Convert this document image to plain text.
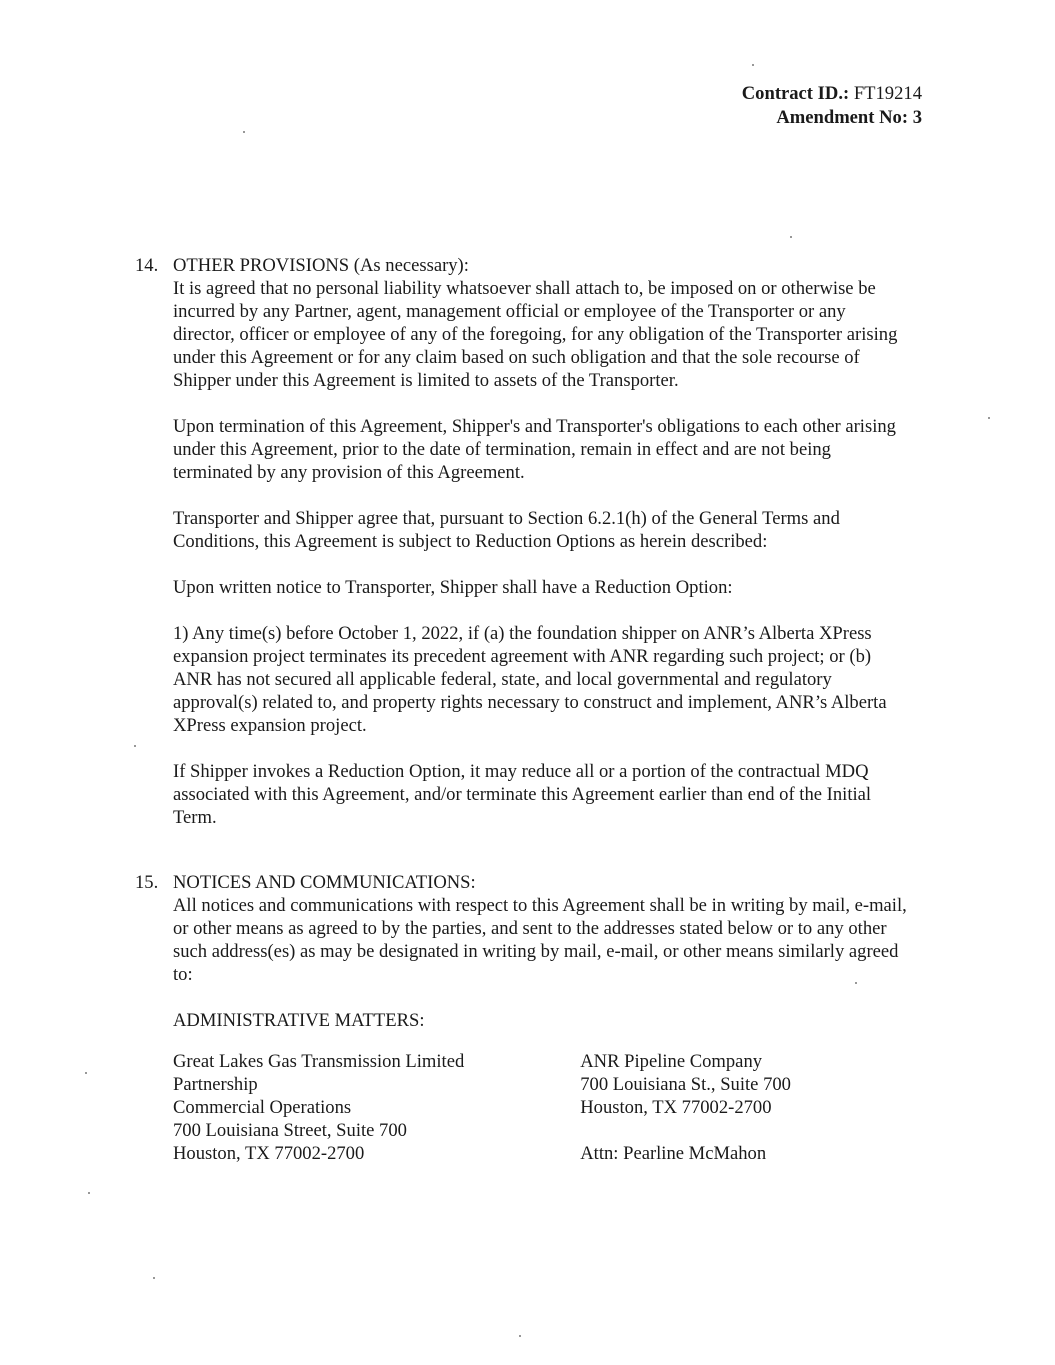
Contract ID.: FT19214
Amendment No: 3
14. OTHER PROVISIONS (As necessary):

It is agreed that no personal liability whatsoever shall attach to, be imposed on or otherwise be incurred by any Partner, agent, management official or employee of the Transporter or any director, officer or employee of any of the foregoing, for any obligation of the Transporter arising under this Agreement or for any claim based on such obligation and that the sole recourse of Shipper under this Agreement is limited to assets of the Transporter.

Upon termination of this Agreement, Shipper's and Transporter's obligations to each other arising under this Agreement, prior to the date of termination, remain in effect and are not being terminated by any provision of this Agreement.

Transporter and Shipper agree that, pursuant to Section 6.2.1(h) of the General Terms and Conditions, this Agreement is subject to Reduction Options as herein described:

Upon written notice to Transporter, Shipper shall have a Reduction Option:

1) Any time(s) before October 1, 2022, if (a) the foundation shipper on ANR’s Alberta XPress expansion project terminates its precedent agreement with ANR regarding such project; or (b) ANR has not secured all applicable federal, state, and local governmental and regulatory approval(s) related to, and property rights necessary to construct and implement, ANR’s Alberta XPress expansion project.

If Shipper invokes a Reduction Option, it may reduce all or a portion of the contractual MDQ associated with this Agreement, and/or terminate this Agreement earlier than end of the Initial Term.

15. NOTICES AND COMMUNICATIONS:

All notices and communications with respect to this Agreement shall be in writing by mail, e-mail, or other means as agreed to by the parties, and sent to the addresses stated below or to any other such address(es) as may be designated in writing by mail, e-mail, or other means similarly agreed to:

ADMINISTRATIVE MATTERS:
Great Lakes Gas Transmission Limited
Partnership
Commercial Operations
700 Louisiana Street, Suite 700
Houston, TX 77002-2700
ANR Pipeline Company
700 Louisiana St., Suite 700
Houston, TX 77002-2700
Attn: Pearline McMahon
